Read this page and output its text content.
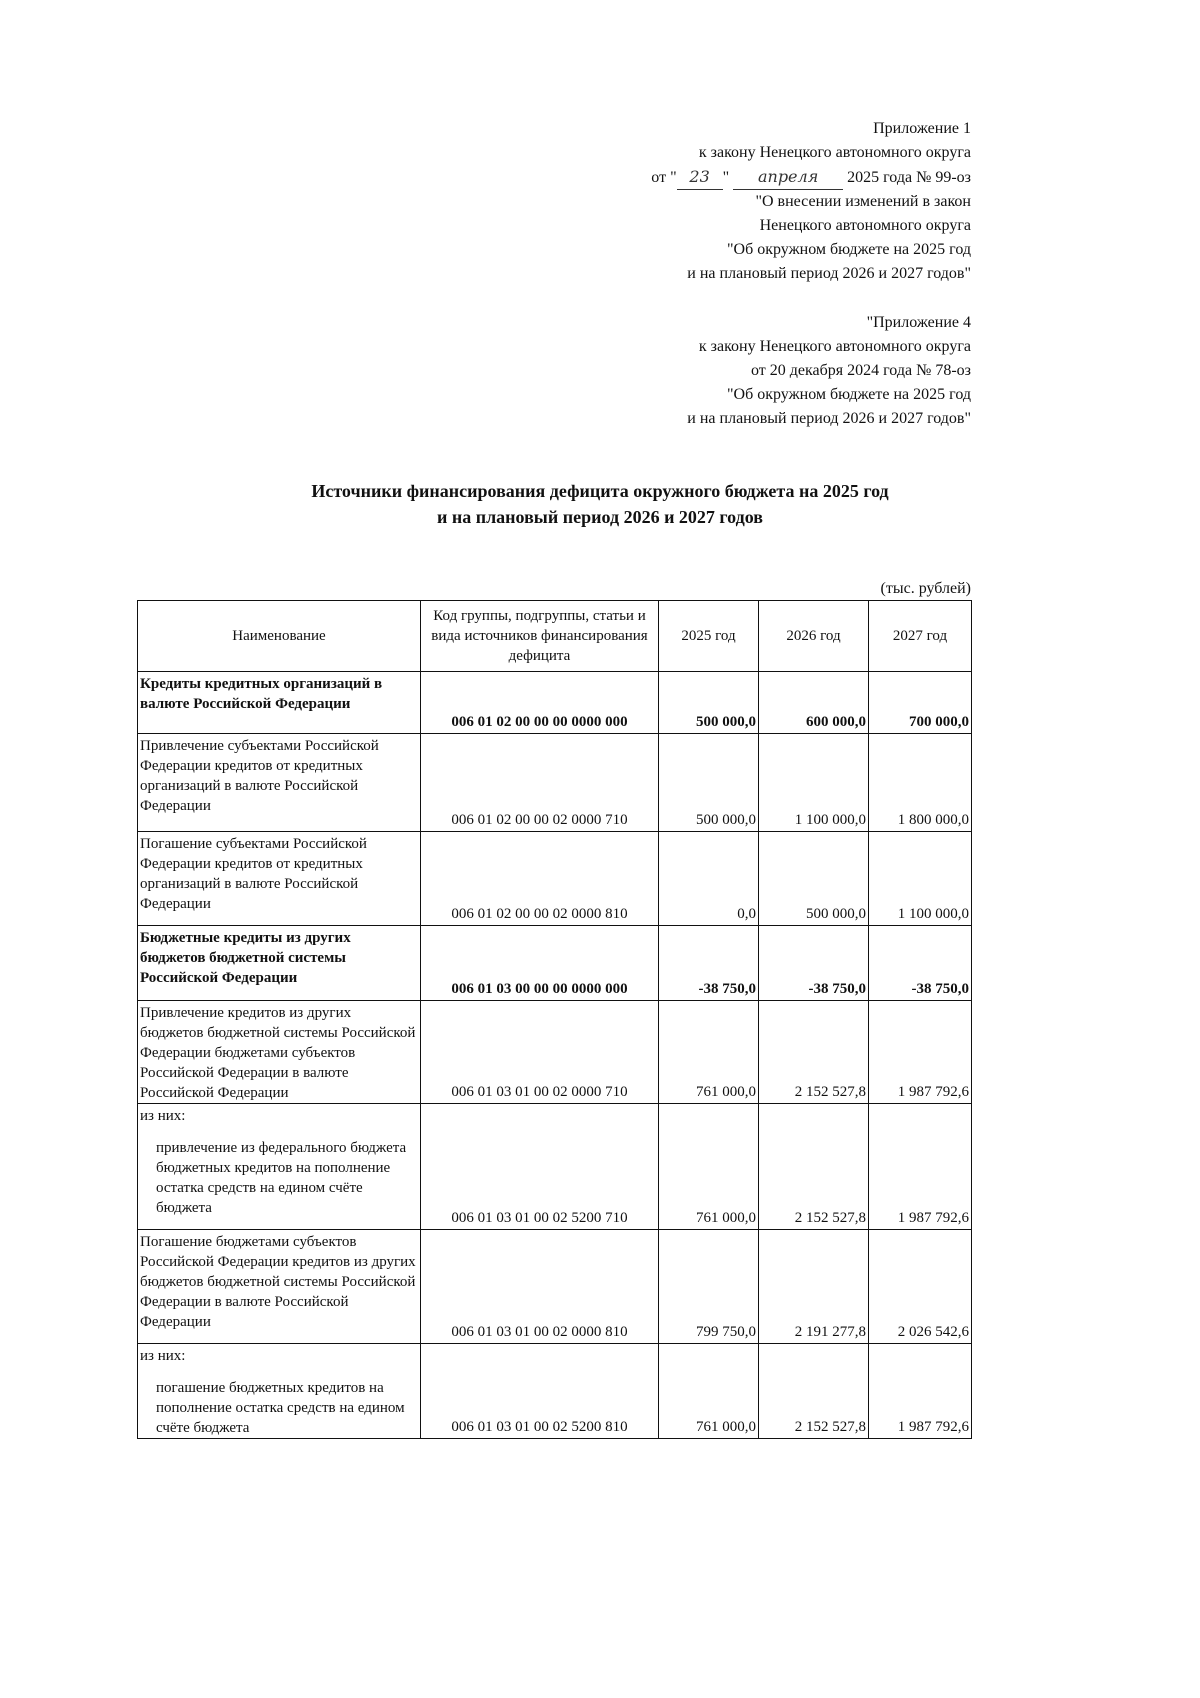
Приложение 1
к закону Ненецкого автономного округа
от " 23 " апреля 2025 года № 99-оз
"О внесении изменений в закон
Ненецкого автономного округа
"Об окружном бюджете на 2025 год
и на плановый период 2026 и 2027 годов"
"Приложение 4
к закону Ненецкого автономного округа
от 20 декабря 2024 года № 78-оз
"Об окружном бюджете на 2025 год
и на плановый период 2026 и 2027 годов"
Источники финансирования дефицита окружного бюджета на 2025 год
и на плановый период 2026 и 2027 годов
(тыс. рублей)
Наименование	Код группы, подгруппы, статьи и вида источников финансирования дефицита	2025 год	2026 год	2027 год
Кредиты кредитных организаций в валюте Российской Федерации	006 01 02 00 00 00 0000 000	500 000,0	600 000,0	700 000,0
Привлечение субъектами Российской Федерации кредитов от кредитных организаций в валюте Российской Федерации	006 01 02 00 00 02 0000 710	500 000,0	1 100 000,0	1 800 000,0
Погашение субъектами Российской Федерации кредитов от кредитных организаций в валюте Российской Федерации	006 01 02 00 00 02 0000 810	0,0	500 000,0	1 100 000,0
Бюджетные кредиты из других бюджетов бюджетной системы Российской Федерации	006 01 03 00 00 00 0000 000	-38 750,0	-38 750,0	-38 750,0
Привлечение кредитов из других бюджетов бюджетной системы Российской Федерации бюджетами субъектов Российской Федерации в валюте Российской Федерации	006 01 03 01 00 02 0000 710	761 000,0	2 152 527,8	1 987 792,6
из них:
привлечение из федерального бюджета бюджетных кредитов на пополнение остатка средств на едином счёте бюджета	006 01 03 01 00 02 5200 710	761 000,0	2 152 527,8	1 987 792,6
Погашение бюджетами субъектов Российской Федерации кредитов из других бюджетов бюджетной системы Российской Федерации в валюте Российской Федерации	006 01 03 01 00 02 0000 810	799 750,0	2 191 277,8	2 026 542,6
из них:
погашение бюджетных кредитов на пополнение остатка средств на едином счёте бюджета	006 01 03 01 00 02 5200 810	761 000,0	2 152 527,8	1 987 792,6
